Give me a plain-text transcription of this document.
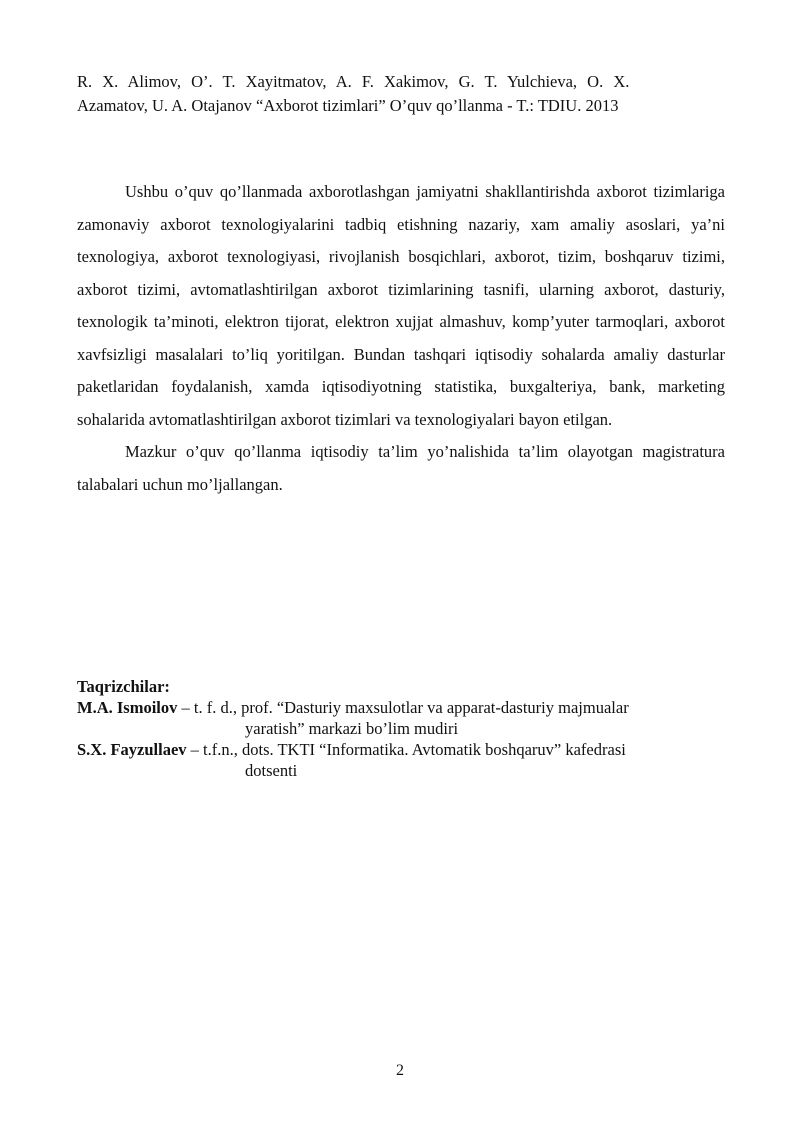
R. X. Alimov, O’. T. Xayitmatov, A. F. Xakimov, G. T. Yulchieva, O. X.
Azamatov, U. A. Otajanov “Axborot tizimlari” O’quv qo’llanma - T.: TDIU. 2013

Ushbu o’quv qo’llanmada axborotlashgan jamiyatni shakllantirishda axborot tizimlariga zamonaviy axborot texnologiyalarini tadbiq etishning nazariy, xam amaliy asoslari, ya’ni texnologiya, axborot texnologiyasi, rivojlanish bosqichlari, axborot, tizim, boshqaruv tizimi, axborot tizimi, avtomatlashtirilgan axborot tizimlarining tasnifi, ularning axborot, dasturiy, texnologik ta’minoti, elektron tijorat, elektron xujjat almashuv, komp’yuter tarmoqlari, axborot xavfsizligi masalalari to’liq yoritilgan. Bundan tashqari iqtisodiy sohalarda amaliy dasturlar paketlaridan foydalanish, xamda iqtisodiyotning statistika, buxgalteriya, bank, marketing sohalarida avtomatlashtirilgan axborot tizimlari va texnologiyalari bayon etilgan.

Mazkur o’quv qo’llanma iqtisodiy ta’lim yo’nalishida ta’lim olayotgan magistratura talabalari uchun mo’ljallangan.

Taqrizchilar:
M.A. Ismoilov – t. f. d., prof. “Dasturiy maxsulotlar va apparat-dasturiy majmualar
yaratish” markazi bo’lim mudiri
S.X. Fayzullaev – t.f.n., dots. TKTI “Informatika. Avtomatik boshqaruv” kafedrasi
dotsenti
2
